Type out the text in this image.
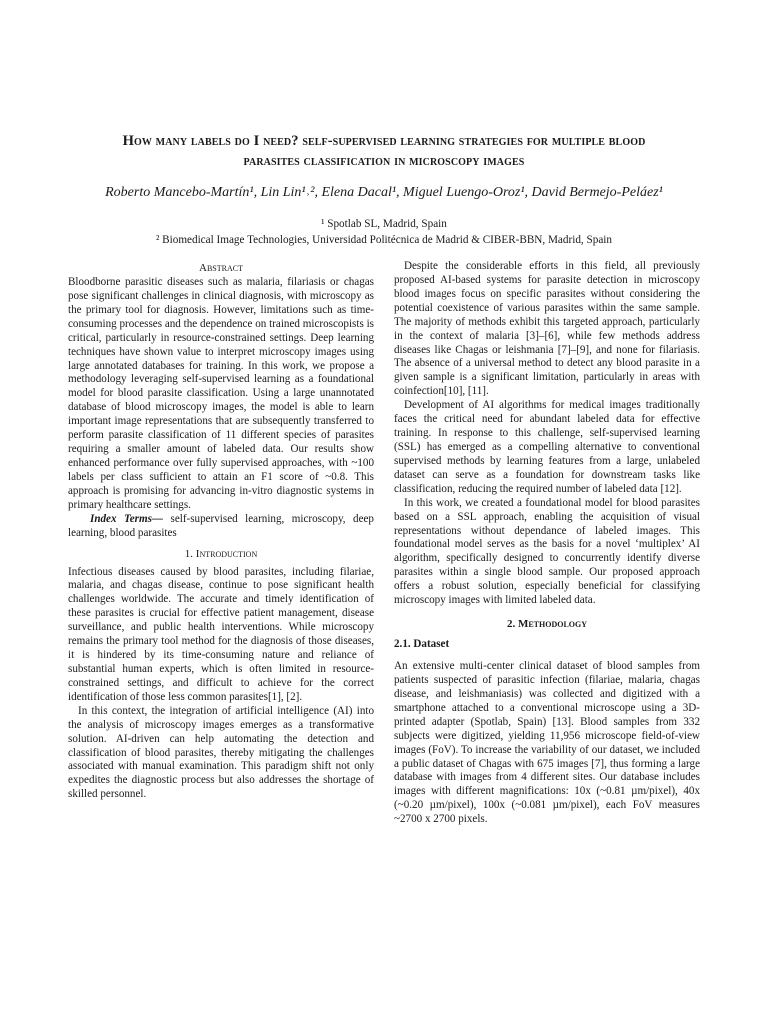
How many labels do I need? self-supervised learning strategies for multiple blood
parasites classification in microscopy images
Roberto Mancebo-Martín¹, Lin Lin¹˒², Elena Dacal¹, Miguel Luengo-Oroz¹, David Bermejo-Peláez¹
¹ Spotlab SL, Madrid, Spain
² Biomedical Image Technologies, Universidad Politécnica de Madrid & CIBER-BBN, Madrid, Spain
Abstract

Bloodborne parasitic diseases such as malaria, filariasis or chagas pose significant challenges in clinical diagnosis, with microscopy as the primary tool for diagnosis. However, limitations such as time-consuming processes and the dependence on trained microscopists is critical, particularly in resource-constrained settings. Deep learning techniques have shown value to interpret microscopy images using large annotated databases for training. In this work, we propose a methodology leveraging self-supervised learning as a foundational model for blood parasite classification. Using a large unannotated database of blood microscopy images, the model is able to learn important image representations that are subsequently transferred to perform parasite classification of 11 different species of parasites requiring a smaller amount of labeled data. Our results show enhanced performance over fully supervised approaches, with ~100 labels per class sufficient to attain an F1 score of ~0.8. This approach is promising for advancing in-vitro diagnostic systems in primary healthcare settings.

Index Terms— self-supervised learning, microscopy, deep learning, blood parasites

1. Introduction

Infectious diseases caused by blood parasites, including filariae, malaria, and chagas disease, continue to pose significant health challenges worldwide. The accurate and timely identification of these parasites is crucial for effective patient management, disease surveillance, and public health interventions. While microscopy remains the primary tool method for the diagnosis of those diseases, it is hindered by its time-consuming nature and reliance of substantial human experts, which is often limited in resource-constrained settings, and difficult to achieve for the correct identification of those less common parasites[1], [2].

In this context, the integration of artificial intelligence (AI) into the analysis of microscopy images emerges as a transformative solution. AI-driven can help automating the detection and classification of blood parasites, thereby mitigating the challenges associated with manual examination. This paradigm shift not only expedites the diagnostic process but also addresses the shortage of skilled personnel.

Despite the considerable efforts in this field, all previously proposed AI-based systems for parasite detection in microscopy blood images focus on specific parasites without considering the potential coexistence of various parasites within the same sample. The majority of methods exhibit this targeted approach, particularly in the context of malaria [3]–[6], while few methods address diseases like Chagas or leishmania [7]–[9], and none for filariasis. The absence of a universal method to detect any blood parasite in a given sample is a significant limitation, particularly in areas with coinfection[10], [11].

Development of AI algorithms for medical images traditionally faces the critical need for abundant labeled data for effective training. In response to this challenge, self-supervised learning (SSL) has emerged as a compelling alternative to conventional supervised methods by learning features from a large, unlabeled dataset can serve as a foundation for downstream tasks like classification, reducing the required number of labeled data [12].

In this work, we created a foundational model for blood parasites based on a SSL approach, enabling the acquisition of visual representations without dependance of labeled images. This foundational model serves as the basis for a novel ‘multiplex’ AI algorithm, specifically designed to concurrently identify diverse parasites within a single blood sample. Our proposed approach offers a robust solution, especially beneficial for classifying microscopy images with limited labeled data.

2. Methodology
2.1. Dataset

An extensive multi-center clinical dataset of blood samples from patients suspected of parasitic infection (filariae, malaria, chagas disease, and leishmaniasis) was collected and digitized with a smartphone attached to a conventional microscope using a 3D-printed adapter (Spotlab, Spain) [13]. Blood samples from 332 subjects were digitized, yielding 11,956 microscope field-of-view images (FoV). To increase the variability of our dataset, we included a public dataset of Chagas with 675 images [7], thus forming a large database with images from 4 different sites. Our database includes images with different magnifications: 10x (~0.81 µm/pixel), 40x (~0.20 µm/pixel), 100x (~0.081 µm/pixel), each FoV measures ~2700 x 2700 pixels.
